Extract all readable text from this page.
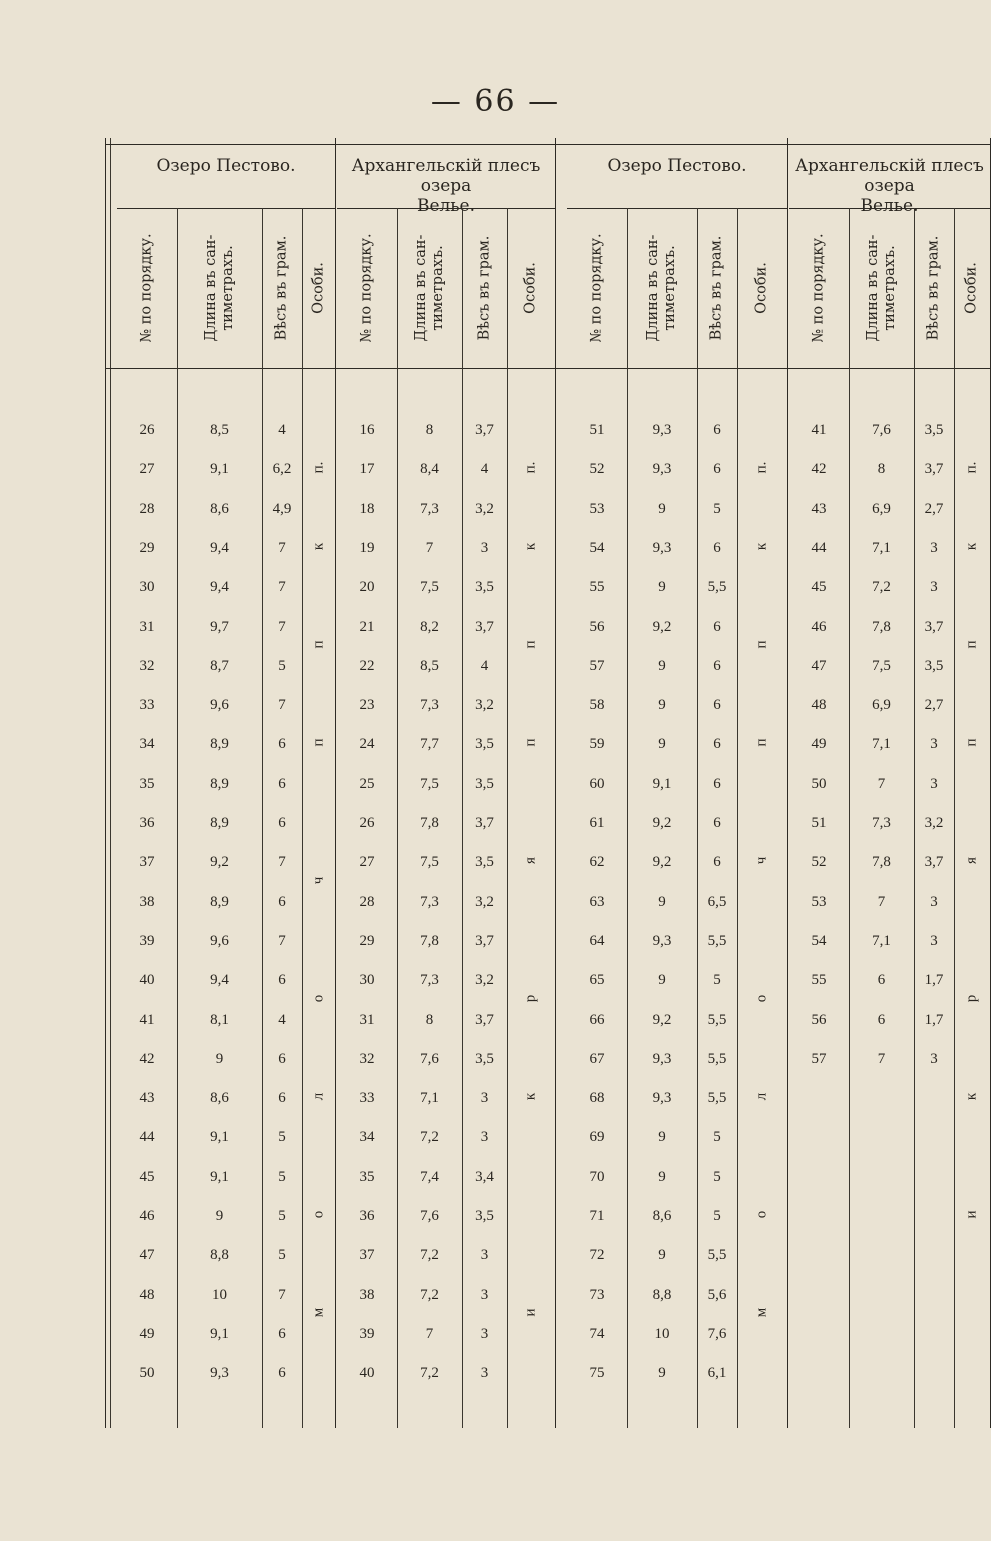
— 66 —
Озеро Пестово.
№ по порядку.	Длина въ сан-
тиметрахъ.	Вѣсъ въ грам. Особи.
26	8,5	4
27	9,1	6,2
28	8,6	4,9
29	9,4	7
30	9,4	7
31	9,7	7
32	8,7	5
33	9,6	7
34	8,9	6
35	8,9	6
36	8,9	6
37	9,2	7
38	8,9	6
39	9,6	7
40	9,4	6
41	8,1	4
42	9	6
43	8,6	6
44	9,1	5
45	9,1	5
46	9	5
47	8,8	5
48	10	7
49	9,1	6
50	9,3	6
п.
к
п
п
ч
о
л
о
м
Архангельскій плесъ озера
Велье.
№ по порядку.	Длина въ сан-
тиметрахъ. Вѣсъ въ грам. Особи.
16	8	3,7
17	8,4	4
18	7,3	3,2
19	7	3
20	7,5	3,5
21	8,2	3,7
22	8,5	4
23	7,3	3,2
24	7,7	3,5
25	7,5	3,5
26	7,8	3,7
27	7,5	3,5
28	7,3	3,2
29	7,8	3,7
30	7,3	3,2
31	8	3,7
32	7,6	3,5
33	7,1	3
34	7,2	3
35	7,4	3,4
36	7,6	3,5
37	7,2	3
38	7,2	3
39	7	3
40	7,2	3
п.
к
п
п
я
р
к
и
Озеро Пестово.
№ по порядку.	Длина въ сан-
тиметрахъ. Вѣсъ въ грам. Особи.
51	9,3	6
52	9,3	6
53	9	5
54	9,3	6
55	9	5,5
56	9,2	6
57	9	6
58	9	6
59	9	6
60	9,1	6
61	9,2	6
62	9,2	6
63	9	6,5
64	9,3	5,5
65	9	5
66	9,2	5,5
67	9,3	5,5
68	9,3	5,5
69	9	5
70	9	5
71	8,6	5
72	9	5,5
73	8,8	5,6
74	10	7,6
75	9	6,1
п.
к
п
п
ч
о
л
о
м
Архангельскій плесъ озера
Велье.
№ по порядку.	Длина въ сан-
тиметрахъ. Вѣсъ въ грам. Особи.
41	7,6	3,5
42	8	3,7
43	6,9	2,7
44	7,1	3
45	7,2	3
46	7,8	3,7
47	7,5	3,5
48	6,9	2,7
49	7,1	3
50	7	3
51	7,3	3,2
52	7,8	3,7
53	7	3
54	7,1	3
55	6	1,7
56	6	1,7
57	7	3
п.
к
п
п
я
р
к
и
